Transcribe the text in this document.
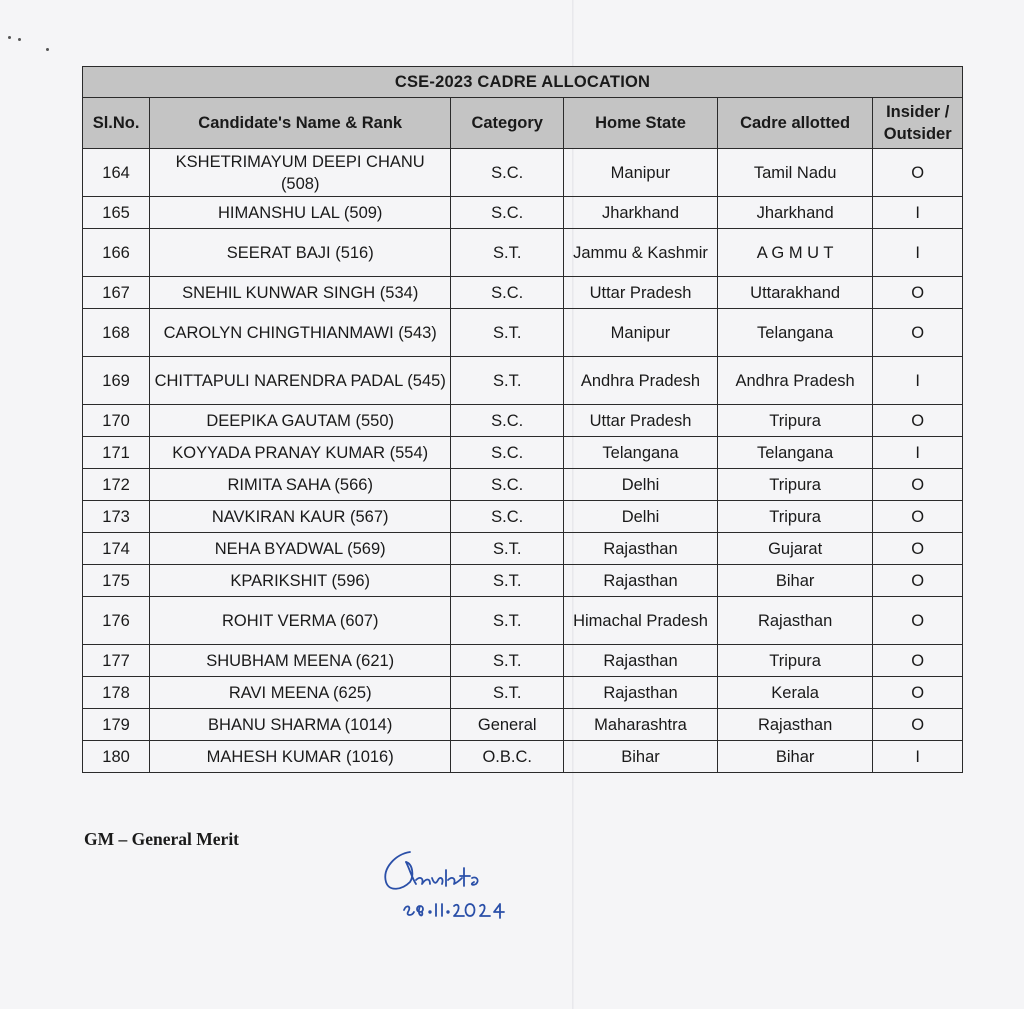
CSE-2023 CADRE ALLOCATION					
Sl.No.	Candidate's Name & Rank	Category	Home State	Cadre allotted	Insider /
Outsider
164	KSHETRIMAYUM DEEPI CHANU (508)	S.C.	Manipur	Tamil Nadu	O
165	HIMANSHU LAL (509)	S.C.	Jharkhand	Jharkhand	I
166	SEERAT BAJI (516)	S.T.	Jammu & Kashmir	A G M U T	I
167	SNEHIL KUNWAR SINGH (534)	S.C.	Uttar Pradesh	Uttarakhand	O
168	CAROLYN CHINGTHIANMAWI (543)	S.T.	Manipur	Telangana	O
169	CHITTAPULI NARENDRA PADAL (545)	S.T.	Andhra Pradesh	Andhra Pradesh	I
170	DEEPIKA GAUTAM (550)	S.C.	Uttar Pradesh	Tripura	O
171	KOYYADA PRANAY KUMAR (554)	S.C.	Telangana	Telangana	I
172	RIMITA SAHA (566)	S.C.	Delhi	Tripura	O
173	NAVKIRAN KAUR (567)	S.C.	Delhi	Tripura	O
174	NEHA BYADWAL (569)	S.T.	Rajasthan	Gujarat	O
175	KPARIKSHIT (596)	S.T.	Rajasthan	Bihar	O
176	ROHIT VERMA (607)	S.T.	Himachal Pradesh	Rajasthan	O
177	SHUBHAM MEENA (621)	S.T.	Rajasthan	Tripura	O
178	RAVI MEENA (625)	S.T.	Rajasthan	Kerala	O
179	BHANU SHARMA (1014)	General	Maharashtra	Rajasthan	O
180	MAHESH KUMAR (1016)	O.B.C.	Bihar	Bihar	I
GM – General Merit
